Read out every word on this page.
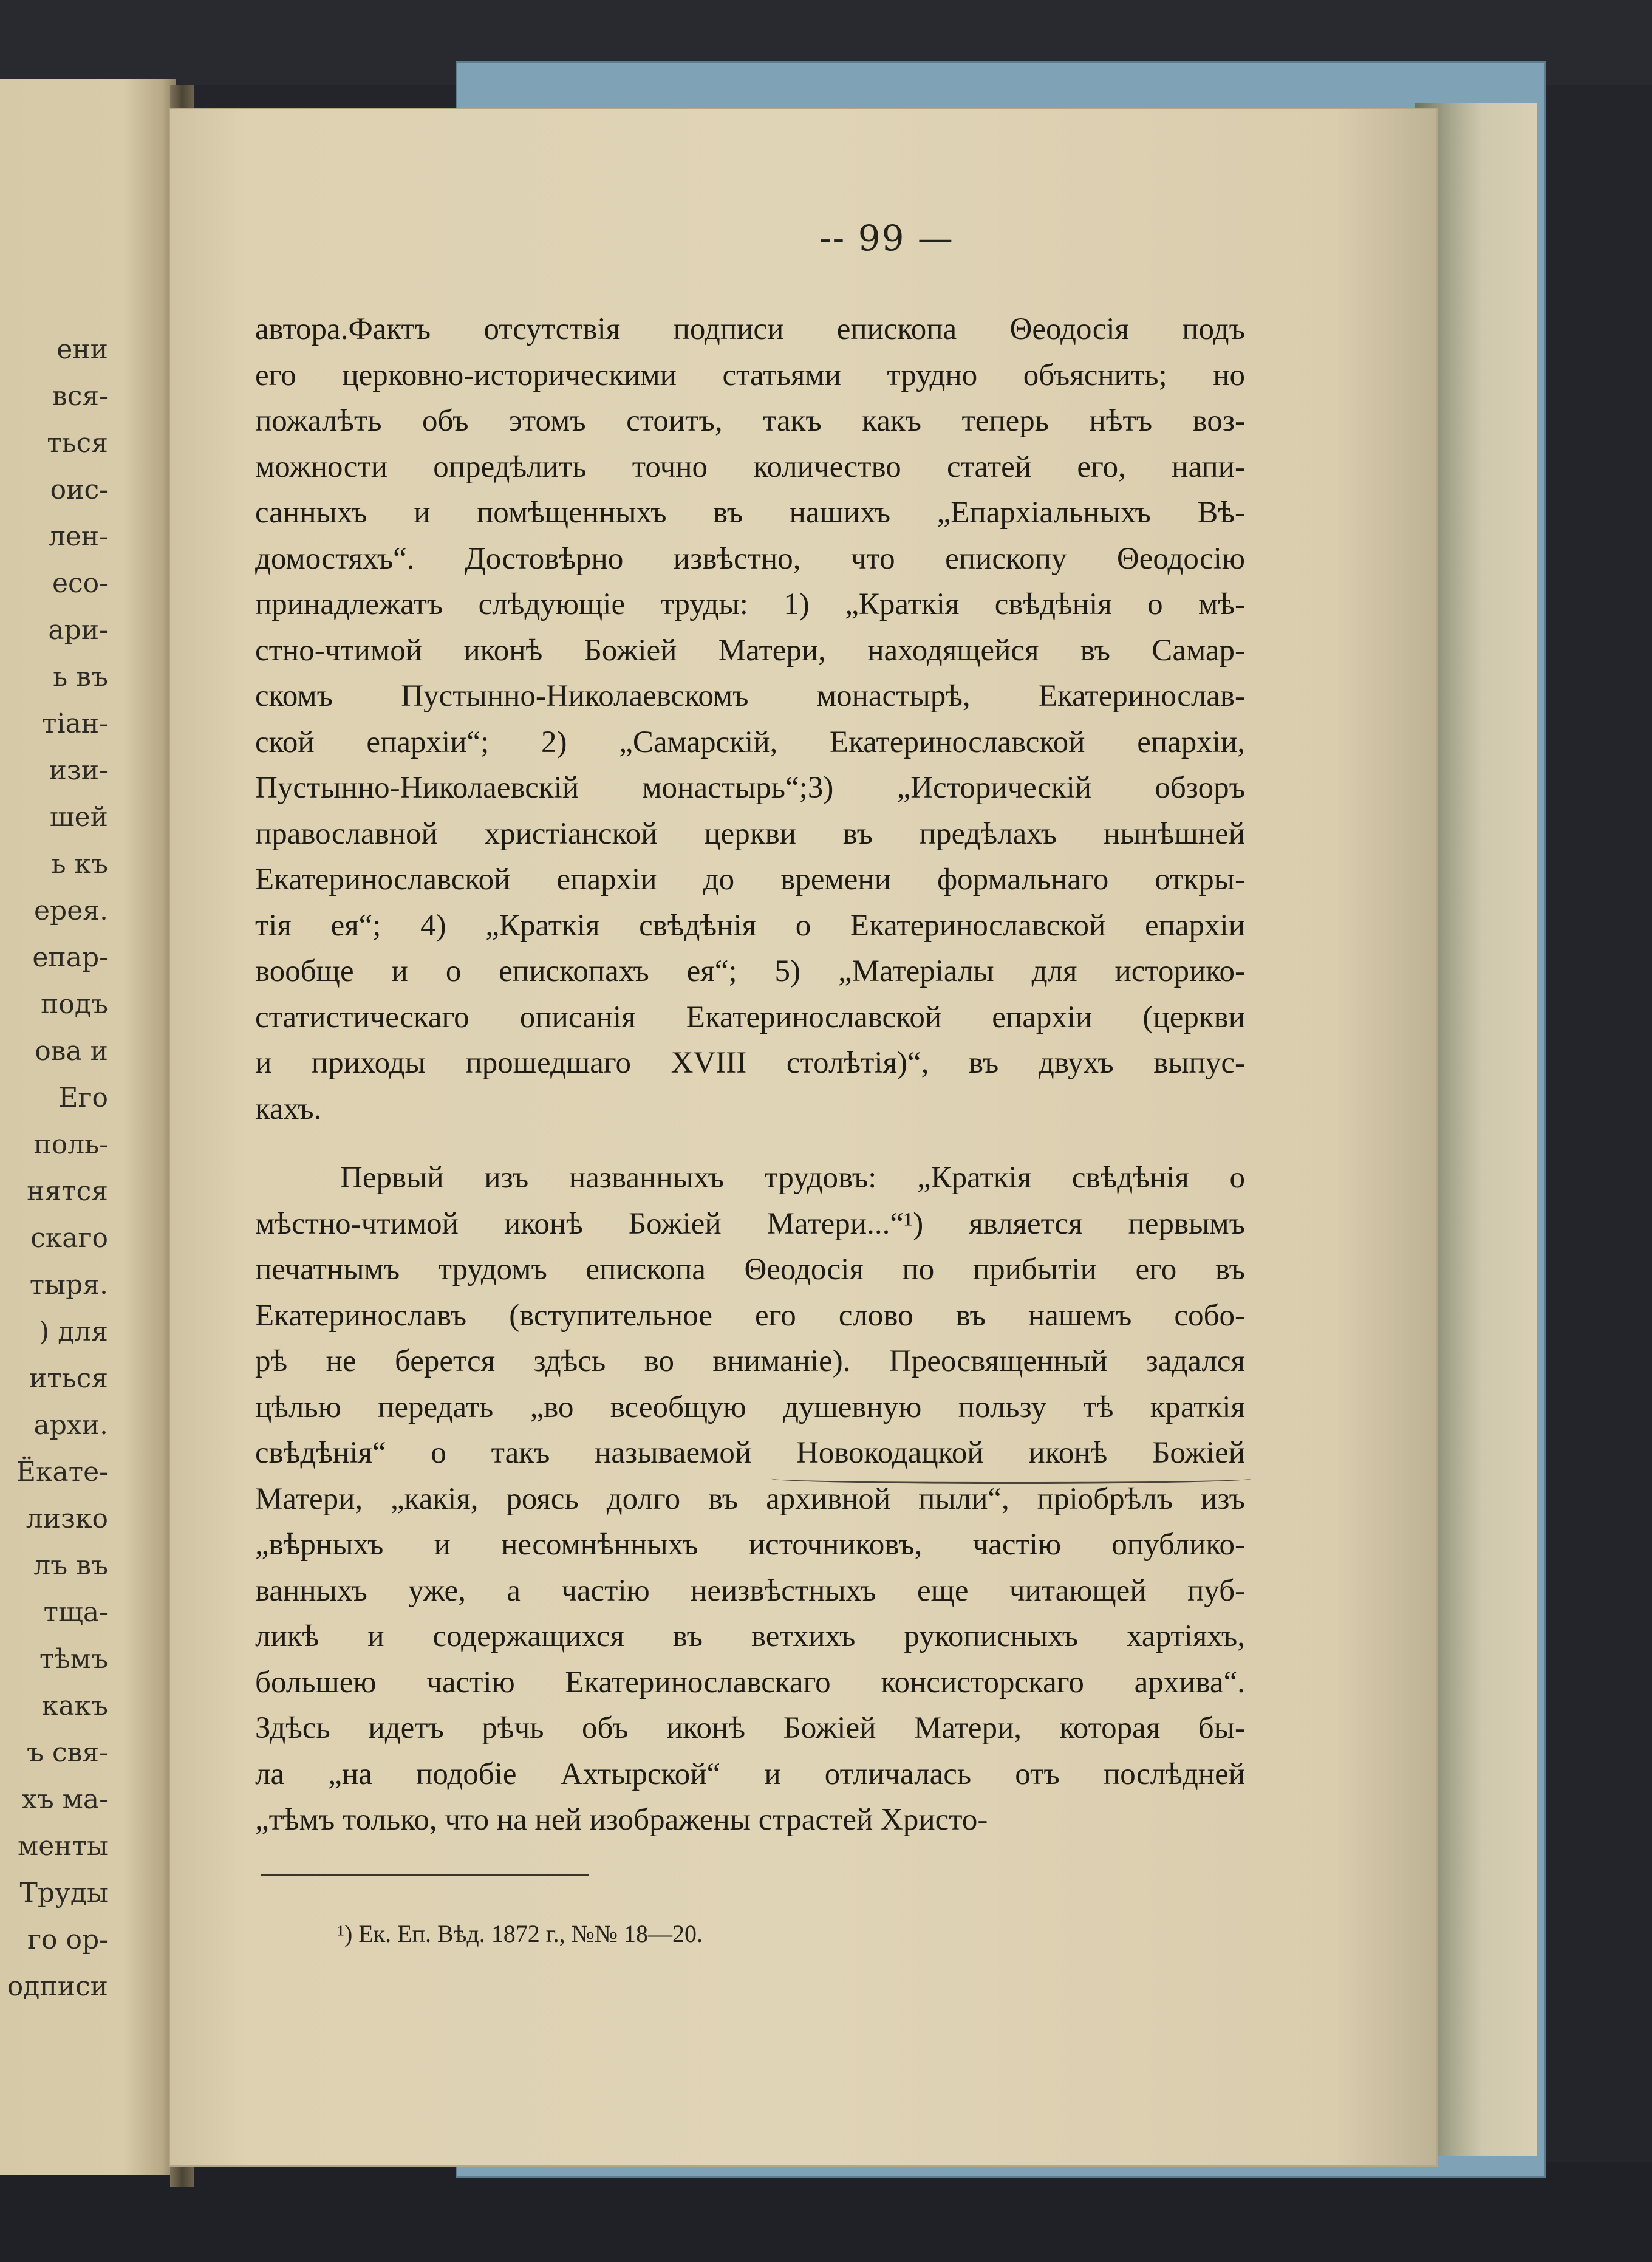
ени
вся-
ться
оис-
лен-
есо-
ари-
ь въ
тіан-
изи-
шей
ь къ
ерея.
епар-
подъ
ова и
Его
поль-
нятся
скаго
тыря.
) для
иться
архи.
Ёкате-
лизко
лъ въ
тща-
тѣмъ
какъ
ъ свя-
хъ ма-
менты
Труды
го ор-
одписи
-- 99 —
автора.Фактъ отсутствія подписи епископа Θеодосія подъ
его церковно-историческими статьями трудно объяснить; но
пожалѣть объ этомъ стоитъ, такъ какъ теперь нѣтъ воз-
можности опредѣлить точно количество статей его, напи-
санныхъ и помѣщенныхъ въ нашихъ „Епархіальныхъ Вѣ-
домостяхъ“. Достовѣрно извѣстно, что епископу Θеодосію
принадлежатъ слѣдующіе труды: 1) „Краткія свѣдѣнія о мѣ-
стно-чтимой иконѣ Божіей Матери, находящейся въ Самар-
скомъ Пустынно-Николаевскомъ монастырѣ, Екатеринослав-
ской епархіи“; 2) „Самарскій, Екатеринославской епархіи,
Пустынно-Николаевскій монастырь“;3) „Историческій обзоръ
православной христіанской церкви въ предѣлахъ нынѣшней
Екатеринославской епархіи до времени формальнаго откры-
тія ея“; 4) „Краткія свѣдѣнія о Екатеринославской епархіи
вообще и о епископахъ ея“; 5) „Матеріалы для историко-
статистическаго описанія Екатеринославской епархіи (церкви
и приходы прошедшаго XVIII столѣтія)“, въ двухъ выпус-
кахъ.
Первый изъ названныхъ трудовъ: „Краткія свѣдѣнія о
мѣстно-чтимой иконѣ Божіей Матери...“¹) является первымъ
печатнымъ трудомъ епископа Θеодосія по прибытіи его въ
Екатеринославъ (вступительное его слово въ нашемъ собо-
рѣ не берется здѣсь во вниманіе). Преосвященный задался
цѣлью передать „во всеобщую душевную пользу тѣ краткія
свѣдѣнія“ о такъ называемой Новокодацкой иконѣ Божіей
Матери, „какія, роясь долго въ архивной пыли“, пріобрѣлъ изъ
„вѣрныхъ и несомнѣнныхъ источниковъ, частію опублико-
ванныхъ уже, а частію неизвѣстныхъ еще читающей пуб-
ликѣ и содержащихся въ ветхихъ рукописныхъ хартіяхъ,
большею частію Екатеринославскаго консисторскаго архива“.
Здѣсь идетъ рѣчь объ иконѣ Божіей Матери, которая бы-
ла „на подобіе Ахтырской“ и отличалась отъ послѣдней
„тѣмъ только, что на ней изображены страстей Христо-
¹) Ек. Еп. Вѣд. 1872 г., №№ 18—20.
